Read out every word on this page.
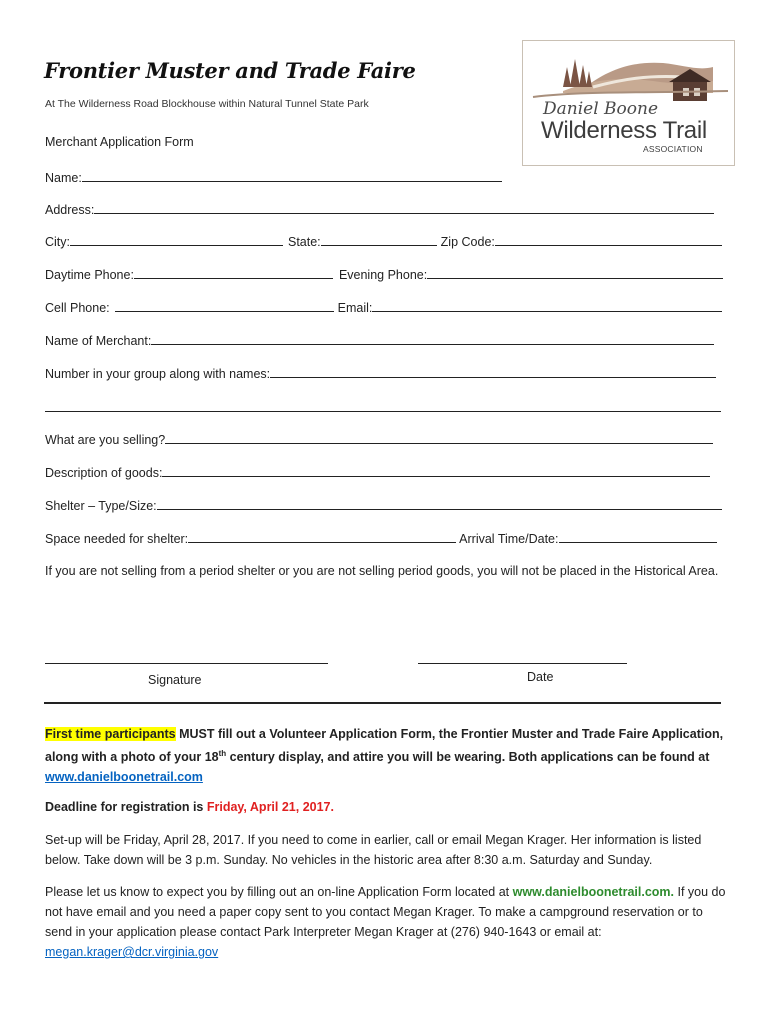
Frontier Muster and Trade Faire
At The Wilderness Road Blockhouse within Natural Tunnel State Park
Merchant Application Form
Daniel Boone
Wilderness Trail
ASSOCIATION
Name:
Address:
City:	State:	Zip Code:
Daytime Phone:	Evening Phone:
Cell Phone:	Email:
Name of Merchant:
Number in your group along with names:
What are you selling?
Description of goods:
Shelter – Type/Size:
Space needed for shelter:	Arrival Time/Date:
If you are not selling from a period shelter or you are not selling period goods, you will not be placed in the Historical Area.
Signature	Date
First time participants MUST fill out a Volunteer Application Form, the Frontier Muster and Trade Faire Application, along with a photo of your 18th century display, and attire you will be wearing. Both applications can be found at www.danielboonetrail.com
Deadline for registration is Friday, April 21, 2017.
Set-up will be Friday, April 28, 2017. If you need to come in earlier, call or email Megan Krager. Her information is listed below. Take down will be 3 p.m. Sunday. No vehicles in the historic area after 8:30 a.m. Saturday and Sunday.
Please let us know to expect you by filling out an on-line Application Form located at www.danielboonetrail.com. If you do not have email and you need a paper copy sent to you contact Megan Krager. To make a campground reservation or to send in your application please contact Park Interpreter Megan Krager at (276) 940-1643 or email at: megan.krager@dcr.virginia.gov
